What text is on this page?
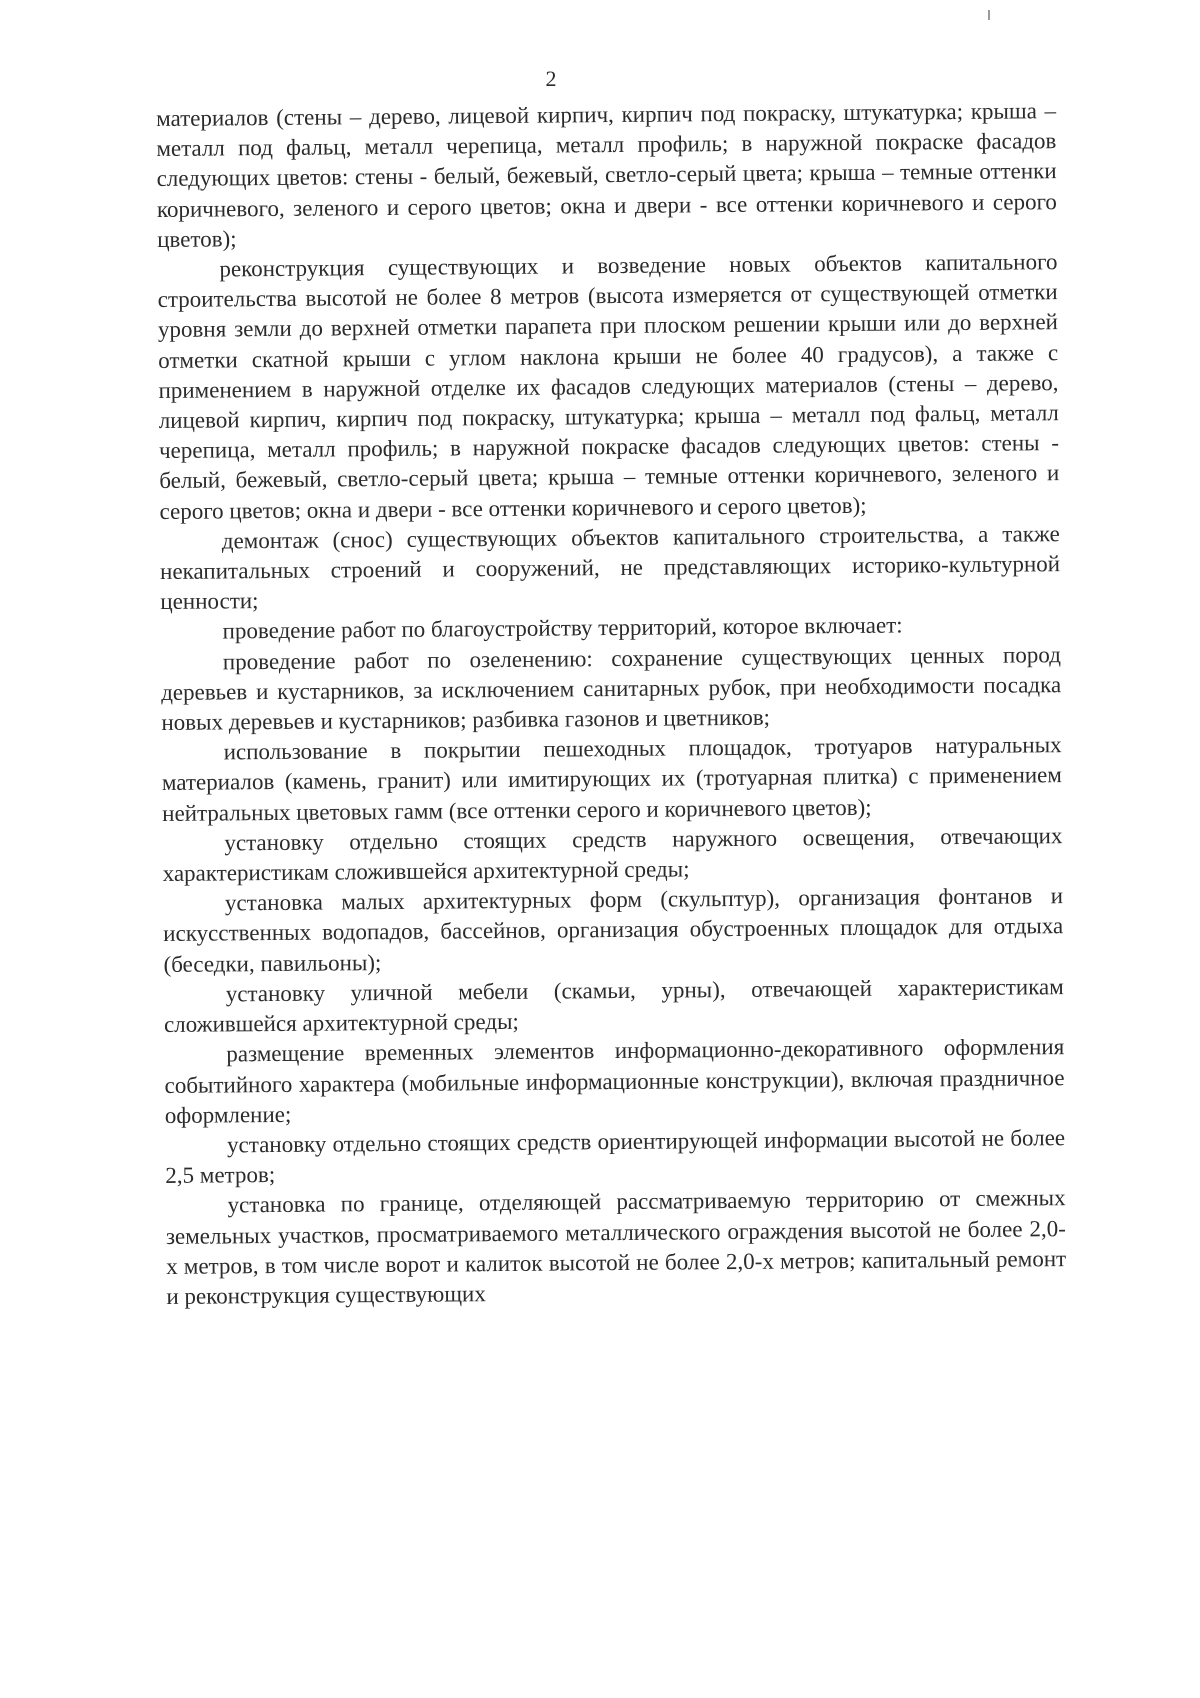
2

материалов (стены – дерево, лицевой кирпич, кирпич под покраску, штукатурка; крыша – металл под фальц, металл черепица, металл профиль; в наружной покраске фасадов следующих цветов: стены - белый, бежевый, светло-серый цвета; крыша – темные оттенки коричневого, зеленого и серого цветов; окна и двери - все оттенки коричневого и серого цветов);

реконструкция существующих и возведение новых объектов капитального строительства высотой не более 8 метров (высота измеряется от существующей отметки уровня земли до верхней отметки парапета при плоском решении крыши или до верхней отметки скатной крыши с углом наклона крыши не более 40 градусов), а также с применением в наружной отделке их фасадов следующих материалов (стены – дерево, лицевой кирпич, кирпич под покраску, штукатурка; крыша – металл под фальц, металл черепица, металл профиль; в наружной покраске фасадов следующих цветов: стены - белый, бежевый, светло-серый цвета; крыша – темные оттенки коричневого, зеленого и серого цветов; окна и двери - все оттенки коричневого и серого цветов);

демонтаж (снос) существующих объектов капитального строительства, а также некапитальных строений и сооружений, не представляющих историко-культурной ценности;

проведение работ по благоустройству территорий, которое включает:

проведение работ по озеленению: сохранение существующих ценных пород деревьев и кустарников, за исключением санитарных рубок, при необходимости посадка новых деревьев и кустарников; разбивка газонов и цветников;

использование в покрытии пешеходных площадок, тротуаров натуральных материалов (камень, гранит) или имитирующих их (тротуарная плитка) с применением нейтральных цветовых гамм (все оттенки серого и коричневого цветов);

установку отдельно стоящих средств наружного освещения, отвечающих характеристикам сложившейся архитектурной среды;

установка малых архитектурных форм (скульптур), организация фонтанов и искусственных водопадов, бассейнов, организация обустроенных площадок для отдыха (беседки, павильоны);

установку уличной мебели (скамьи, урны), отвечающей характеристикам сложившейся архитектурной среды;

размещение временных элементов информационно-декоративного оформления событийного характера (мобильные информационные конструкции), включая праздничное оформление;

установку отдельно стоящих средств ориентирующей информации высотой не более 2,5 метров;

установка по границе, отделяющей рассматриваемую территорию от смежных земельных участков, просматриваемого металлического ограждения высотой не более 2,0-х метров, в том числе ворот и калиток высотой не более 2,0-х метров; капитальный ремонт и реконструкция существующих
